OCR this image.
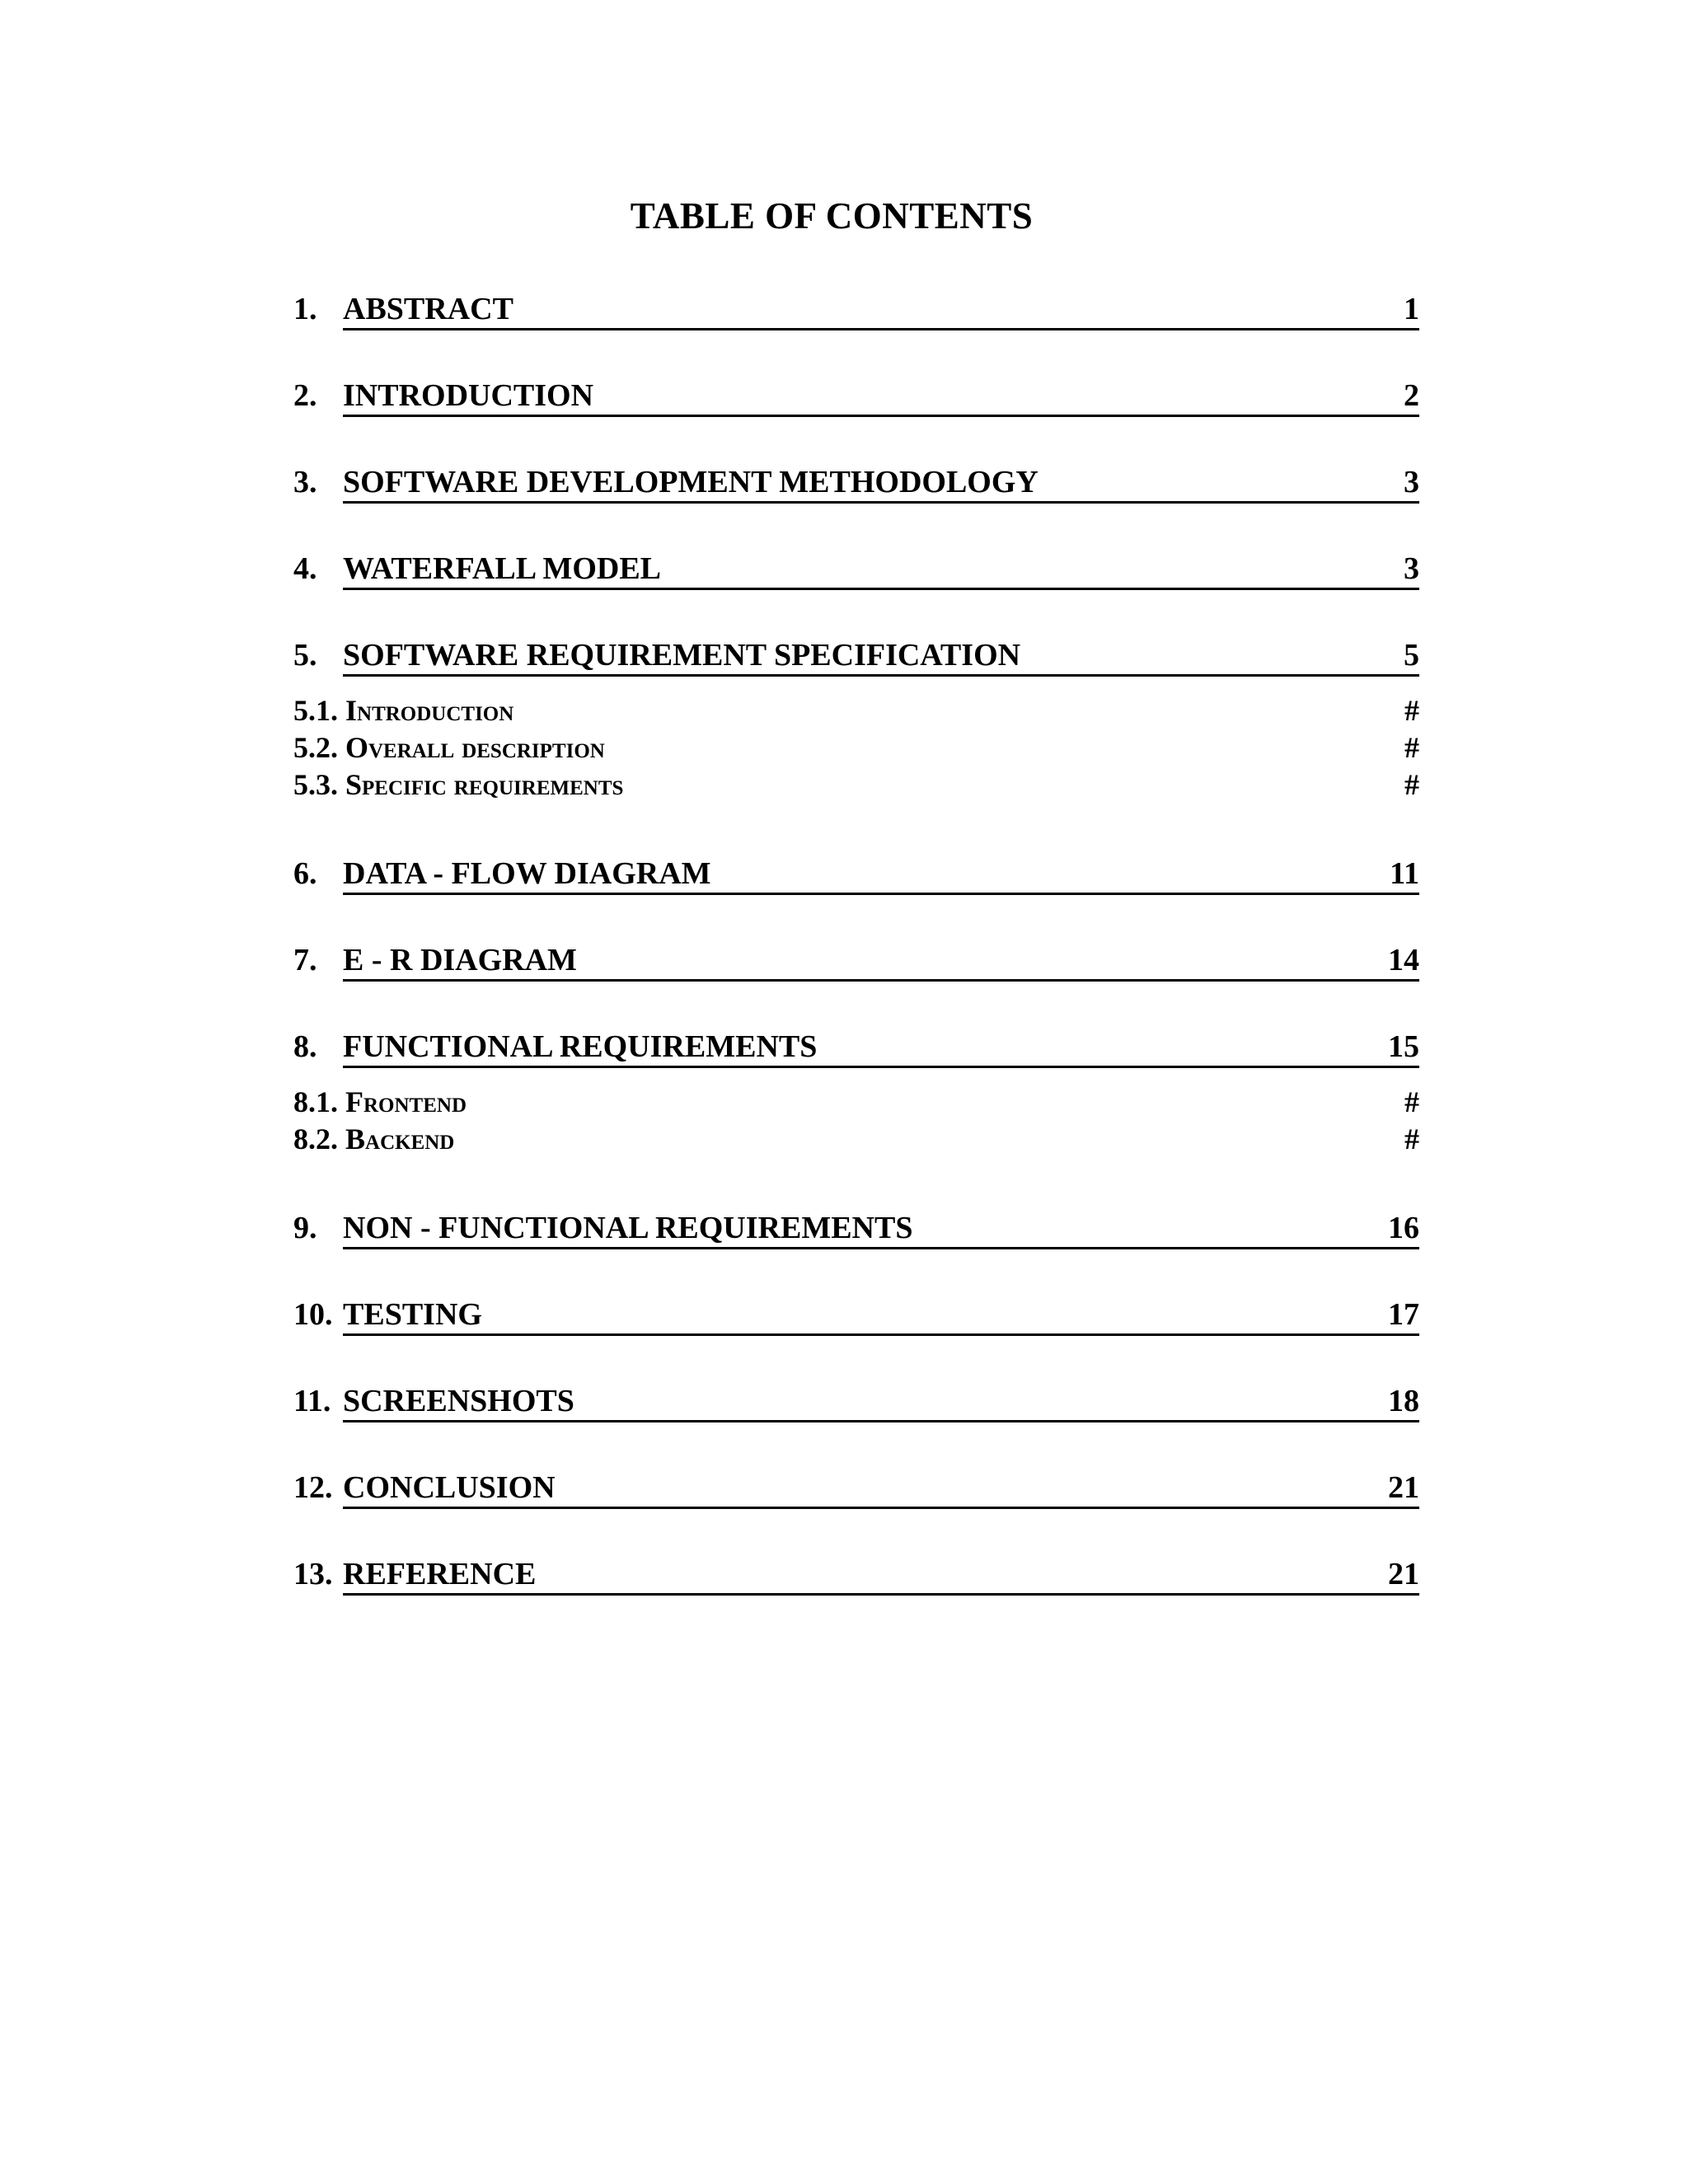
TABLE OF CONTENTS
1. ABSTRACT	1
2. INTRODUCTION	2
3. SOFTWARE DEVELOPMENT METHODOLOGY	3
4. WATERFALL MODEL	3
5. SOFTWARE REQUIREMENT SPECIFICATION	5
5.1. Introduction	#
5.2. Overall description	#
5.3. Specific requirements	#
6. DATA - FLOW DIAGRAM	11
7. E - R DIAGRAM	14
8. FUNCTIONAL REQUIREMENTS	15
8.1. Frontend	#
8.2. Backend	#
9. NON - FUNCTIONAL REQUIREMENTS	16
10. TESTING	17
11. SCREENSHOTS	18
12. CONCLUSION	21
13. REFERENCE	21
